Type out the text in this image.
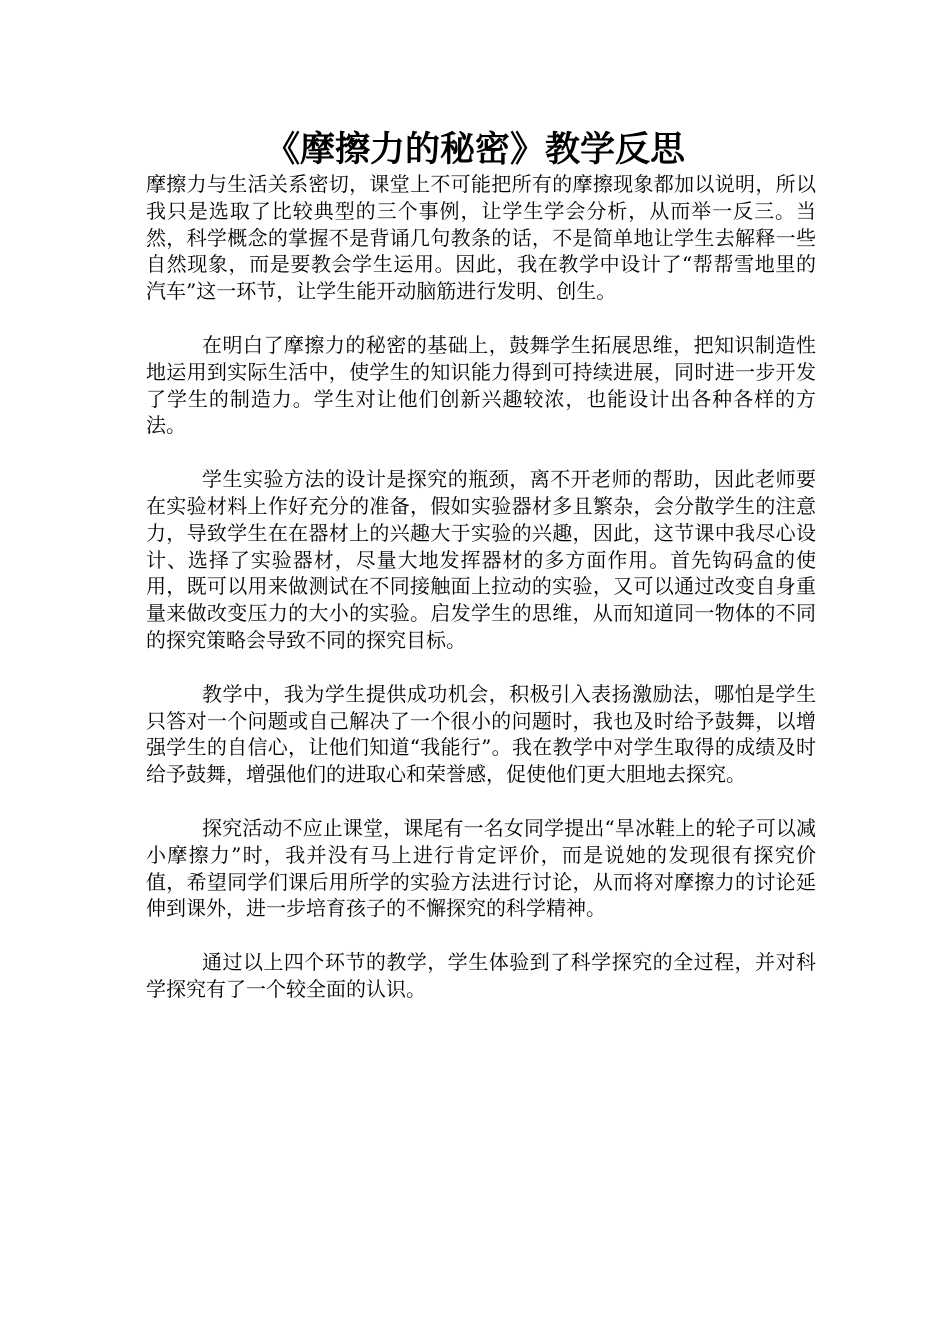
《摩擦力的秘密》教学反思

摩擦力与生活关系密切，课堂上不可能把所有的摩擦现象都加以说明，所以我只是选取了比较典型的三个事例，让学生学会分析，从而举一反三。当然，科学概念的掌握不是背诵几句教条的话，不是简单地让学生去解释一些自然现象，而是要教会学生运用。因此，我在教学中设计了“帮帮雪地里的汽车”这一环节，让学生能开动脑筋进行发明、创生。

在明白了摩擦力的秘密的基础上，鼓舞学生拓展思维，把知识制造性地运用到实际生活中，使学生的知识能力得到可持续进展，同时进一步开发了学生的制造力。学生对让他们创新兴趣较浓，也能设计出各种各样的方法。

学生实验方法的设计是探究的瓶颈，离不开老师的帮助，因此老师要在实验材料上作好充分的准备，假如实验器材多且繁杂，会分散学生的注意力，导致学生在在器材上的兴趣大于实验的兴趣，因此，这节课中我尽心设计、选择了实验器材，尽量大地发挥器材的多方面作用。首先钩码盒的使用，既可以用来做测试在不同接触面上拉动的实验，又可以通过改变自身重量来做改变压力的大小的实验。启发学生的思维，从而知道同一物体的不同的探究策略会导致不同的探究目标。

教学中，我为学生提供成功机会，积极引入表扬激励法，哪怕是学生只答对一个问题或自己解决了一个很小的问题时，我也及时给予鼓舞，以增强学生的自信心，让他们知道“我能行”。我在教学中对学生取得的成绩及时给予鼓舞，增强他们的进取心和荣誉感，促使他们更大胆地去探究。

探究活动不应止课堂，课尾有一名女同学提出“旱冰鞋上的轮子可以减小摩擦力”时，我并没有马上进行肯定评价，而是说她的发现很有探究价值，希望同学们课后用所学的实验方法进行讨论，从而将对摩擦力的讨论延伸到课外，进一步培育孩子的不懈探究的科学精神。

通过以上四个环节的教学，学生体验到了科学探究的全过程，并对科学探究有了一个较全面的认识。
